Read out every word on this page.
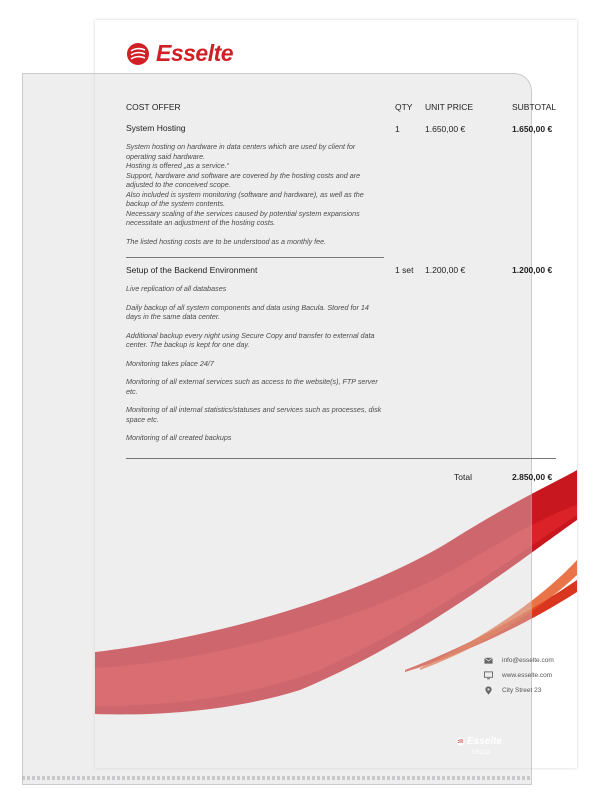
Esselte
COST OFFER	QTY UNIT PRICE	SUBTOTAL
System Hosting	1	1.650,00 €	1.650,00 €

System hosting on hardware in data centers which are used by client for operating said hardware.

Hosting is offered „as a service.“

Support, hardware and software are covered by the hosting costs and are adjusted to the conceived scope.

Also included is system monitoring (software and hardware), as well as the backup of the system contents.

Necessary scaling of the services caused by potential system expansions necessitate an adjustment of the hosting costs.

The listed hosting costs are to be understood as a monthly fee.

Setup of the Backend Environment	1 set 1.200,00 €	1.200,00 €

Live replication of all databases

Daily backup of all system components and data using Bacula. Stored for 14 days in the same data center.

Additional backup every night using Secure Copy and transfer to external data center. The backup is kept for one day.

Monitoring takes place 24/7

Monitoring of all external services such as access to the website(s), FTP server etc.

Monitoring of all internal statistics/statuses and services such as processes, disk space etc.

Monitoring of all created backups

Total	2.850,00 €
info@esselte.com
www.esselte.com
City Street 23
Esselte
56218
